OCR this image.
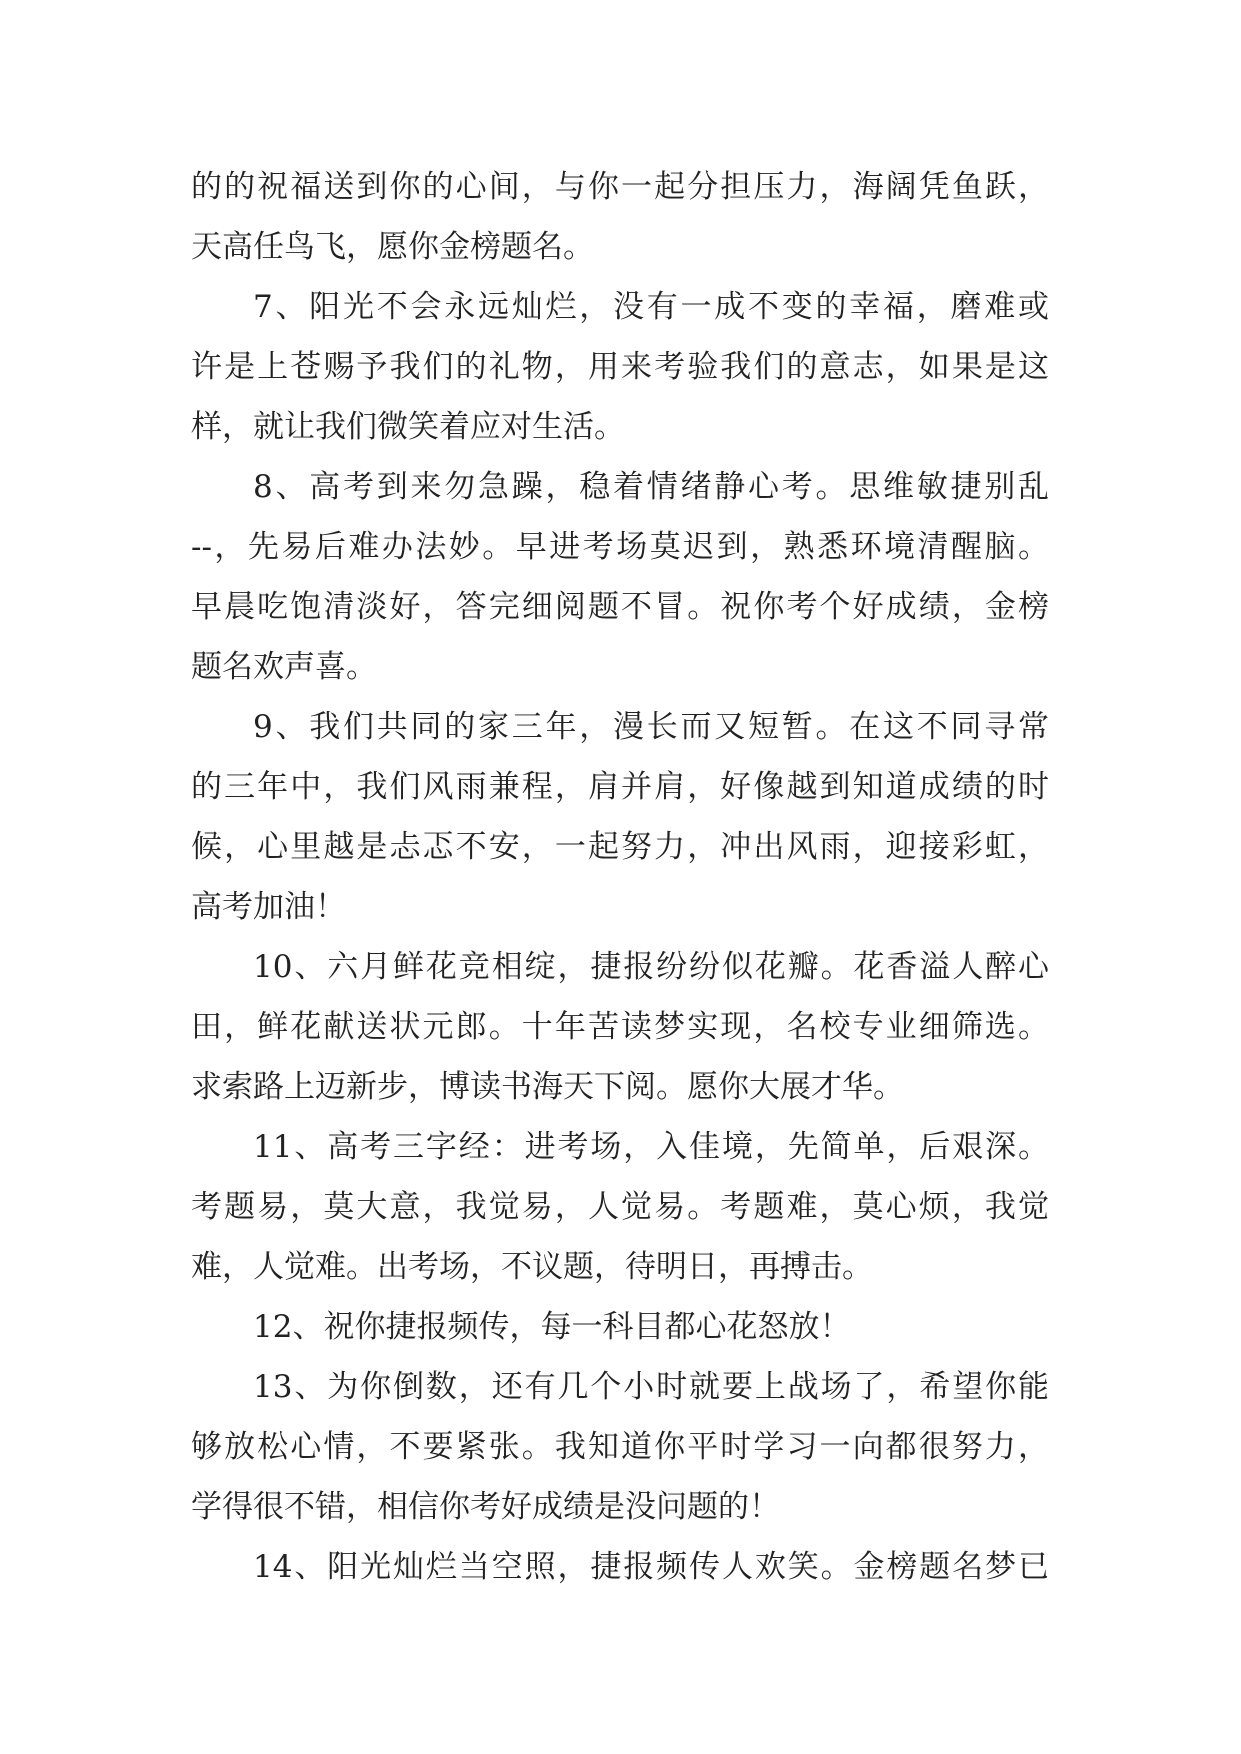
的的祝福送到你的心间，与你一起分担压力，海阔凭鱼跃，
天高任鸟飞，愿你金榜题名。
7、阳光不会永远灿烂，没有一成不变的幸福，磨难或
许是上苍赐予我们的礼物，用来考验我们的意志，如果是这
样，就让我们微笑着应对生活。
8、高考到来勿急躁，稳着情绪静心考。思维敏捷别乱
--，先易后难办法妙。早进考场莫迟到，熟悉环境清醒脑。
早晨吃饱清淡好，答完细阅题不冒。祝你考个好成绩，金榜
题名欢声喜。
9、我们共同的家三年，漫长而又短暂。在这不同寻常
的三年中，我们风雨兼程，肩并肩，好像越到知道成绩的时
候，心里越是忐忑不安，一起努力，冲出风雨，迎接彩虹，
高考加油！
10、六月鲜花竞相绽，捷报纷纷似花瓣。花香溢人醉心
田，鲜花献送状元郎。十年苦读梦实现，名校专业细筛选。
求索路上迈新步，博读书海天下阅。愿你大展才华。
11、高考三字经：进考场，入佳境，先简单，后艰深。
考题易，莫大意，我觉易，人觉易。考题难，莫心烦，我觉
难，人觉难。出考场，不议题，待明日，再搏击。
12、祝你捷报频传，每一科目都心花怒放！
13、为你倒数，还有几个小时就要上战场了，希望你能
够放松心情，不要紧张。我知道你平时学习一向都很努力，
学得很不错，相信你考好成绩是没问题的！
14、阳光灿烂当空照，捷报频传人欢笑。金榜题名梦已
